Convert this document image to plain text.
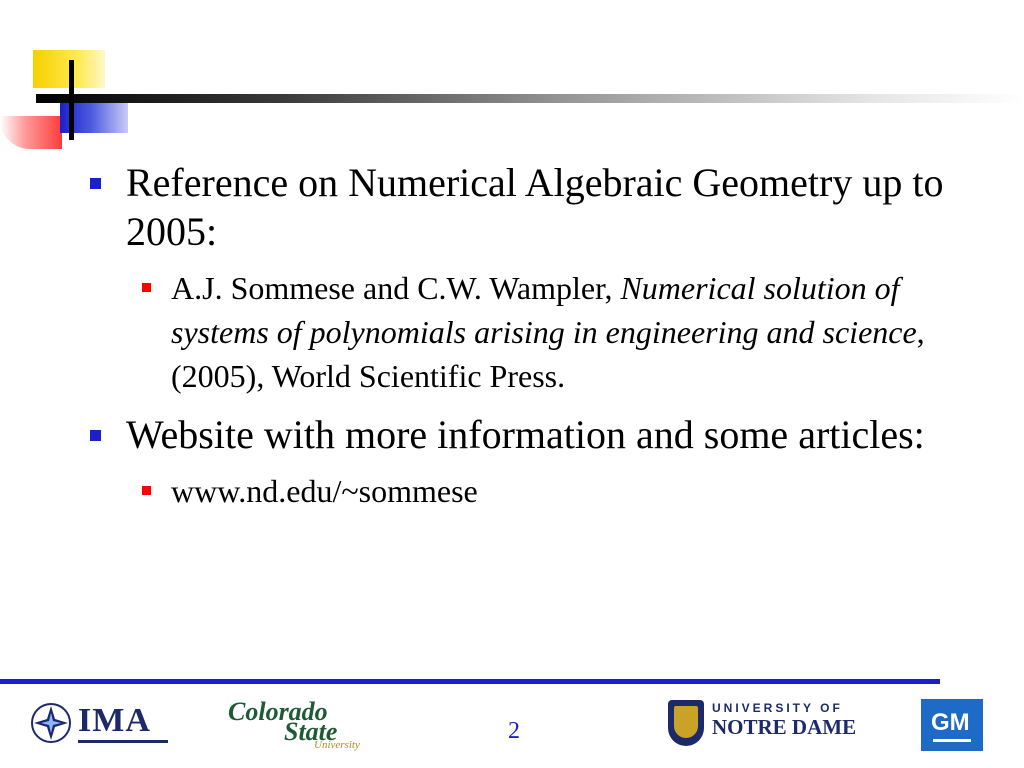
Reference on Numerical Algebraic Geometry up to 2005:
A.J. Sommese and C.W. Wampler, Numerical solution of systems of polynomials arising in engineering and science, (2005), World Scientific Press.
Website with more information and some articles:
www.nd.edu/~sommese
IMA	Colorado
State
University
2
UNIVERSITY OF
NOTRE DAME	GM
